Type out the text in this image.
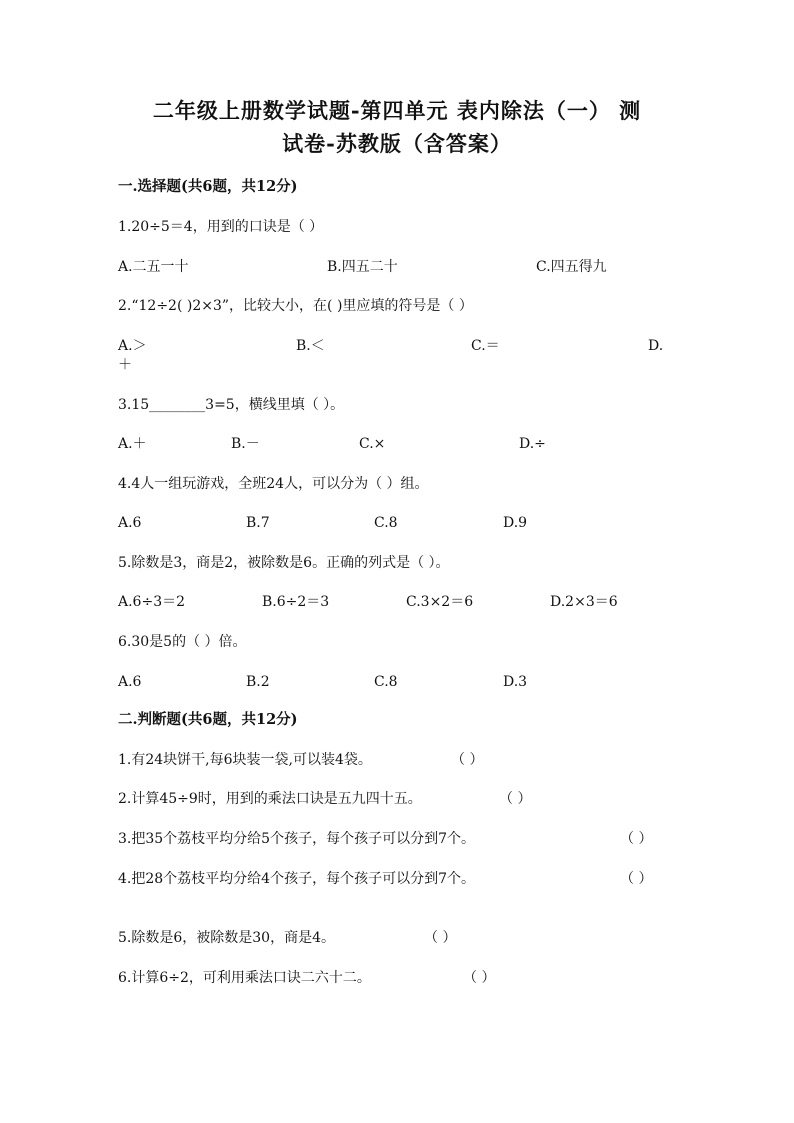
二年级上册数学试题-第四单元 表内除法（一） 测
试卷-苏教版（含答案）
一.选择题(共6题，共12分)
1.20÷5＝4，用到的口诀是（ ）
A.二五一十	B.四五二十	C.四五得九
2.“12÷2( )2×3”，比较大小，在( )里应填的符号是（ ）
A.＞	B.＜	C.＝	D.
＋
3.15________3=5，横线里填（ ）。
A.＋	B.－	C.×	D.÷
4.4人一组玩游戏，全班24人，可以分为（ ）组。
A.6	B.7	C.8	D.9
5.除数是3，商是2，被除数是6。正确的列式是（ ）。
A.6÷3＝2	B.6÷2＝3	C.3×2＝6	D.2×3＝6
6.30是5的（ ）倍。
A.6	B.2	C.8	D.3
二.判断题(共6题，共12分)
1.有24块饼干,每6块装一袋,可以装4袋。	（ ）
2.计算45÷9时，用到的乘法口诀是五九四十五。	（ ）
3.把35个荔枝平均分给5个孩子，每个孩子可以分到7个。	（ ）
4.把28个荔枝平均分给4个孩子，每个孩子可以分到7个。	（ ）
5.除数是6，被除数是30，商是4。	（ ）
6.计算6÷2，可利用乘法口诀二六十二。	（ ）
